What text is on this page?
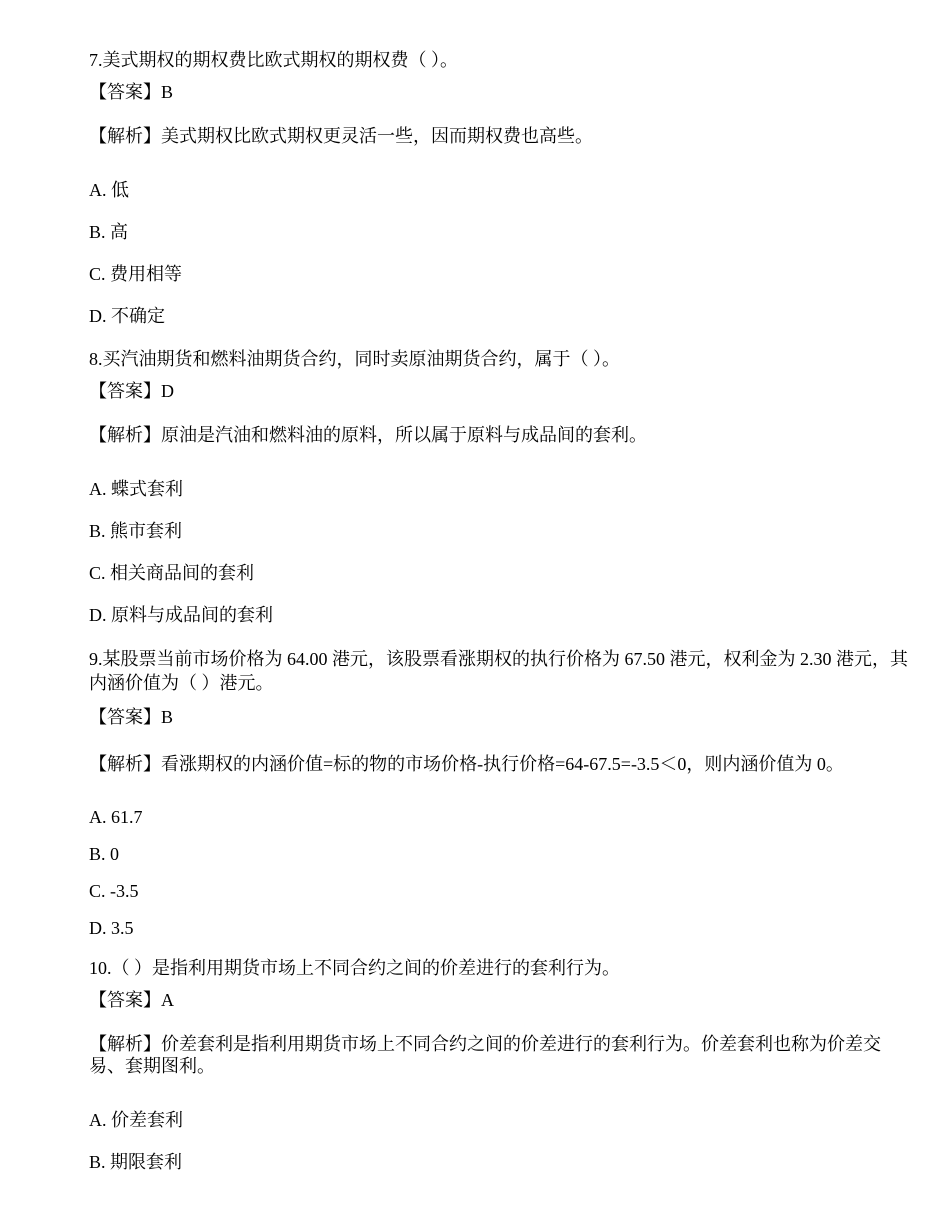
7.美式期权的期权费比欧式期权的期权费（ ）。
【答案】B
【解析】美式期权比欧式期权更灵活一些，因而期权费也高些。
A. 低
B. 高
C. 费用相等
D. 不确定
8.买汽油期货和燃料油期货合约，同时卖原油期货合约，属于（ ）。
【答案】D
【解析】原油是汽油和燃料油的原料，所以属于原料与成品间的套利。
A. 蝶式套利
B. 熊市套利
C. 相关商品间的套利
D. 原料与成品间的套利
9.某股票当前市场价格为 64.00 港元，该股票看涨期权的执行价格为 67.50 港元，权利金为 2.30 港元，其内涵价值为（ ）港元。
【答案】B
【解析】看涨期权的内涵价值=标的物的市场价格-执行价格=64-67.5=-3.5＜0，则内涵价值为 0。
A. 61.7
B. 0
C. -3.5
D. 3.5
10.（ ）是指利用期货市场上不同合约之间的价差进行的套利行为。
【答案】A
【解析】价差套利是指利用期货市场上不同合约之间的价差进行的套利行为。价差套利也称为价差交易、套期图利。
A. 价差套利
B. 期限套利
